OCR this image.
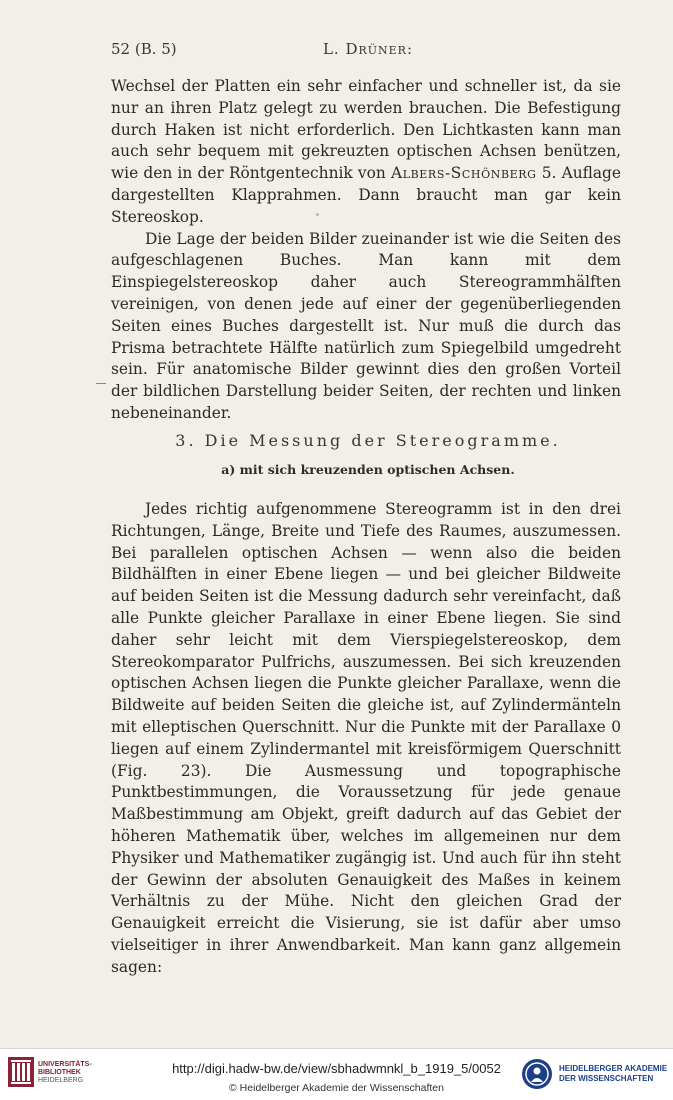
52 (B. 5)	L. Drüner:

Wechsel der Platten ein sehr einfacher und schneller ist, da sie nur an ihren Platz gelegt zu werden brauchen. Die Befestigung durch Haken ist nicht erforderlich. Den Lichtkasten kann man auch sehr bequem mit gekreuzten optischen Achsen benützen, wie den in der Röntgentechnik von Albers-Schönberg 5. Auflage dargestellten Klapprahmen. Dann braucht man gar kein Stereoskop.

Die Lage der beiden Bilder zueinander ist wie die Seiten des aufgeschlagenen Buches. Man kann mit dem Einspiegelstereoskop daher auch Stereogrammhälften vereinigen, von denen jede auf einer der gegenüberliegenden Seiten eines Buches dargestellt ist. Nur muß die durch das Prisma betrachtete Hälfte natürlich zum Spiegelbild umgedreht sein. Für anatomische Bilder gewinnt dies den großen Vorteil der bildlichen Darstellung beider Seiten, der rechten und linken nebeneinander.

3. Die Messung der Stereogramme.
a) mit sich kreuzenden optischen Achsen.

Jedes richtig aufgenommene Stereogramm ist in den drei Richtungen, Länge, Breite und Tiefe des Raumes, auszumessen. Bei parallelen optischen Achsen — wenn also die beiden Bildhälften in einer Ebene liegen — und bei gleicher Bildweite auf beiden Seiten ist die Messung dadurch sehr vereinfacht, daß alle Punkte gleicher Parallaxe in einer Ebene liegen. Sie sind daher sehr leicht mit dem Vierspiegelstereoskop, dem Stereokomparator Pulfrichs, auszumessen. Bei sich kreuzenden optischen Achsen liegen die Punkte gleicher Parallaxe, wenn die Bildweite auf beiden Seiten die gleiche ist, auf Zylindermänteln mit elleptischen Querschnitt. Nur die Punkte mit der Parallaxe 0 liegen auf einem Zylindermantel mit kreisförmigem Querschnitt (Fig. 23). Die Ausmessung und topographische Punktbestimmungen, die Voraussetzung für jede genaue Maßbestimmung am Objekt, greift dadurch auf das Gebiet der höheren Mathematik über, welches im allgemeinen nur dem Physiker und Mathematiker zugängig ist. Und auch für ihn steht der Gewinn der absoluten Genauigkeit des Maßes in keinem Verhältnis zu der Mühe. Nicht den gleichen Grad der Genauigkeit erreicht die Visierung, sie ist dafür aber umso vielseitiger in ihrer Anwendbarkeit. Man kann ganz allgemein sagen:

UNIVERSITÄTS-
BIBLIOTHEK
HEIDELBERG
http://digi.hadw-bw.de/view/sbhadwmnkl_b_1919_5/0052
© Heidelberger Akademie der Wissenschaften
HEIDELBERGER AKADEMIE
DER WISSENSCHAFTEN
